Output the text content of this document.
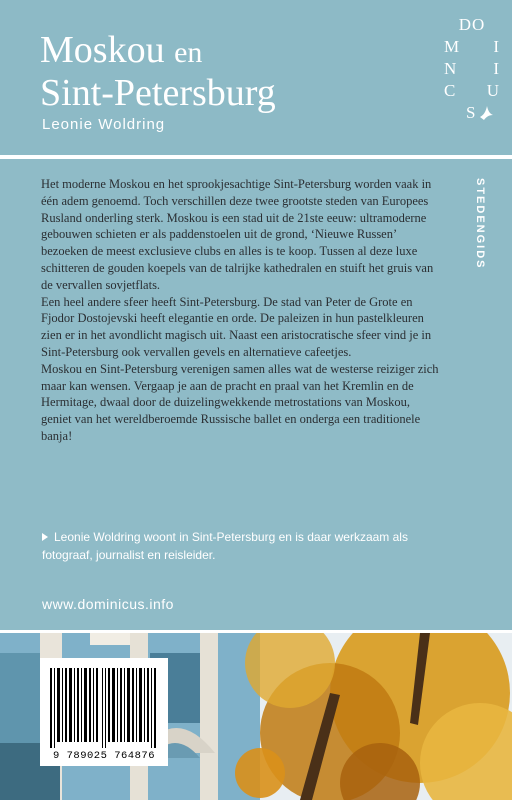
Moskou en
Sint-Petersburg
Leonie Woldring
DO
M I
N I
C U
S
STEDENGIDS

Het moderne Moskou en het sprookjesachtige Sint-Petersburg worden vaak in één adem genoemd. Toch verschillen deze twee grootste steden van Europees Rusland onderling sterk. Moskou is een stad uit de 21ste eeuw: ultramoderne gebouwen schieten er als paddenstoelen uit de grond, ‘Nieuwe Russen’ bezoeken de meest exclusieve clubs en alles is te koop. Tussen al deze luxe schitteren de gouden koepels van de talrijke kathedralen en stuift het gruis van de vervallen sovjetflats.

Een heel andere sfeer heeft Sint-Petersburg. De stad van Peter de Grote en Fjodor Dostojevski heeft elegantie en orde. De paleizen in hun pastelkleuren zien er in het avondlicht magisch uit. Naast een aristocratische sfeer vind je in Sint-Petersburg ook vervallen gevels en alternatieve cafeetjes.

Moskou en Sint-Petersburg verenigen samen alles wat de westerse reiziger zich maar kan wensen. Vergaap je aan de pracht en praal van het Kremlin en de Hermitage, dwaal door de duizelingwekkende metrostations van Moskou, geniet van het wereldberoemde Russische ballet en onderga een traditionele banja!

Leonie Woldring woont in Sint-Petersburg en is daar werkzaam als fotograaf, journalist en reisleider.
www.dominicus.info
9 789025 764876
